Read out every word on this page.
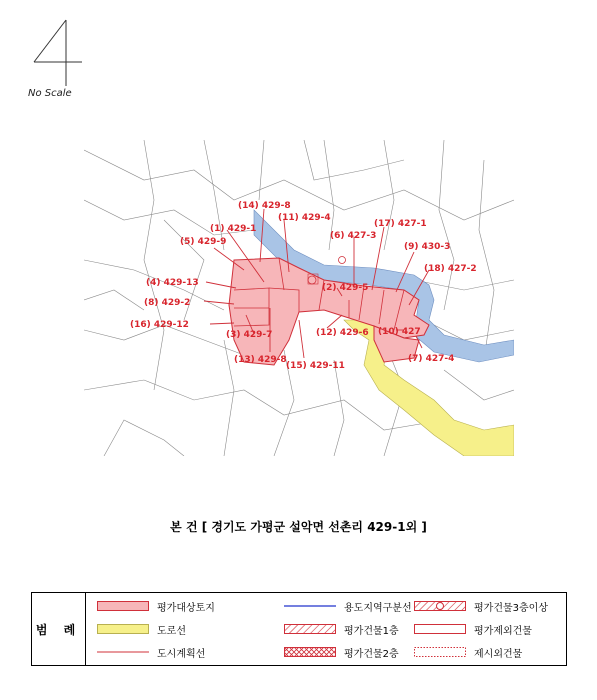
No Scale
(1) 429-1
(2) 429-5
(3) 429-7
(4) 429-13
(5) 429-9
(6) 427-3
(7) 427-4
(8) 429-2
(9) 430-3
(10) 427
(11) 429-4
(12) 429-6
(13) 429-8
(14) 429-8
(15) 429-11
(16) 429-12
(17) 427-1
(18) 427-2
본 건 [ 경기도 가평군 설악면 선촌리 429-1외 ]
범 례
평가대상토지	용도지역구분선	평가건물3층이상
도로선	평가건물1층	평가제외건물
도시계획선	평가건물2층	제시외건물
